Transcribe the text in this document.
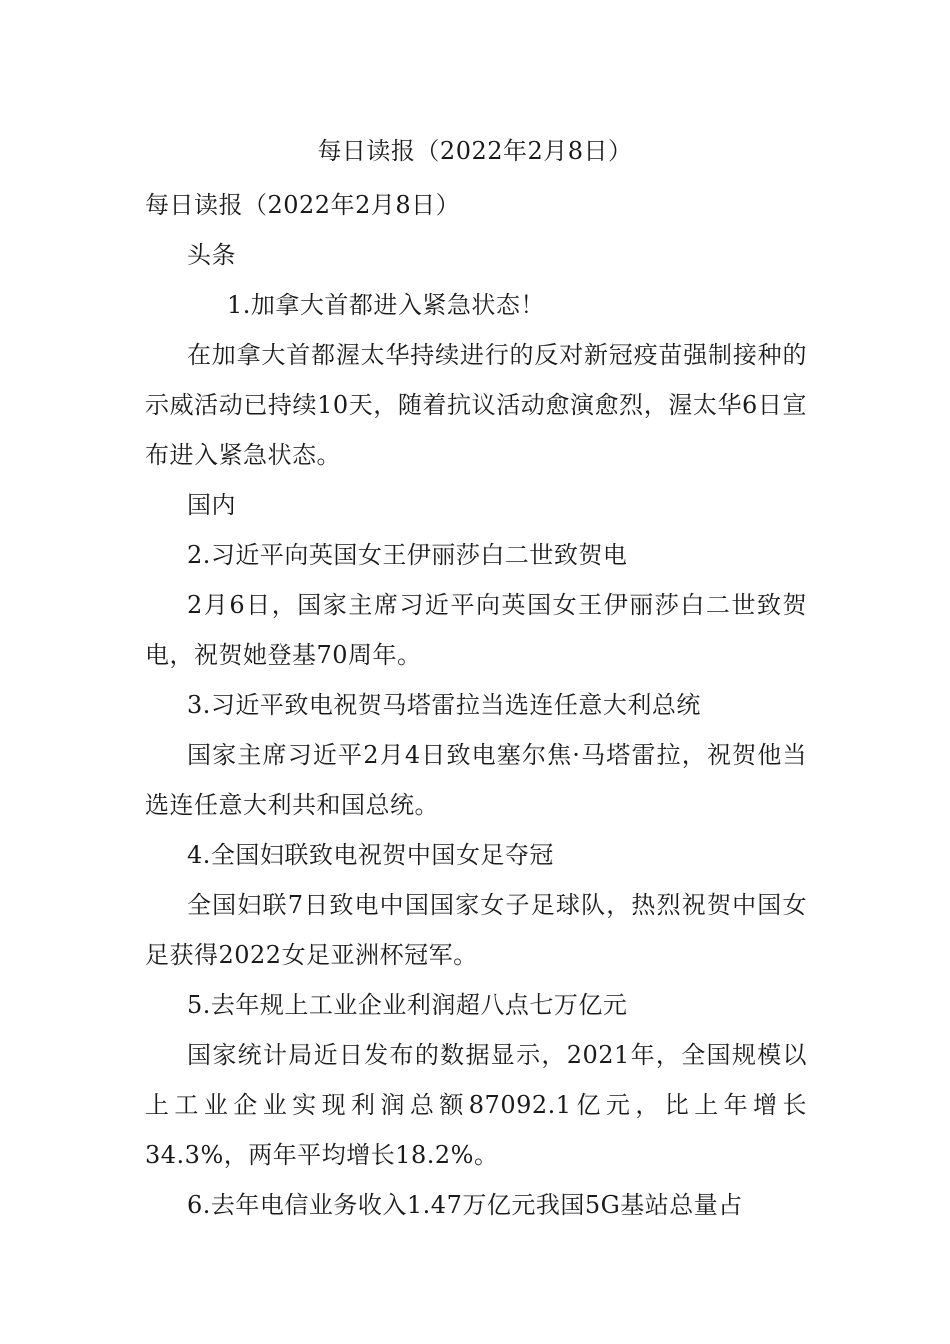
每日读报（2022年2月8日）

每日读报（2022年2月8日）

头条

1.加拿大首都进入紧急状态！

在加拿大首都渥太华持续进行的反对新冠疫苗强制接种的示威活动已持续10天，随着抗议活动愈演愈烈，渥太华6日宣布进入紧急状态。

国内

2.习近平向英国女王伊丽莎白二世致贺电

2月6日，国家主席习近平向英国女王伊丽莎白二世致贺电，祝贺她登基70周年。

3.习近平致电祝贺马塔雷拉当选连任意大利总统

国家主席习近平2月4日致电塞尔焦·马塔雷拉，祝贺他当选连任意大利共和国总统。

4.全国妇联致电祝贺中国女足夺冠

全国妇联7日致电中国国家女子足球队，热烈祝贺中国女足获得2022女足亚洲杯冠军。

5.去年规上工业企业利润超八点七万亿元

国家统计局近日发布的数据显示，2021年，全国规模以上工业企业实现利润总额87092.1亿元，比上年增长34.3%，两年平均增长18.2%。

6.去年电信业务收入1.47万亿元我国5G基站总量占
